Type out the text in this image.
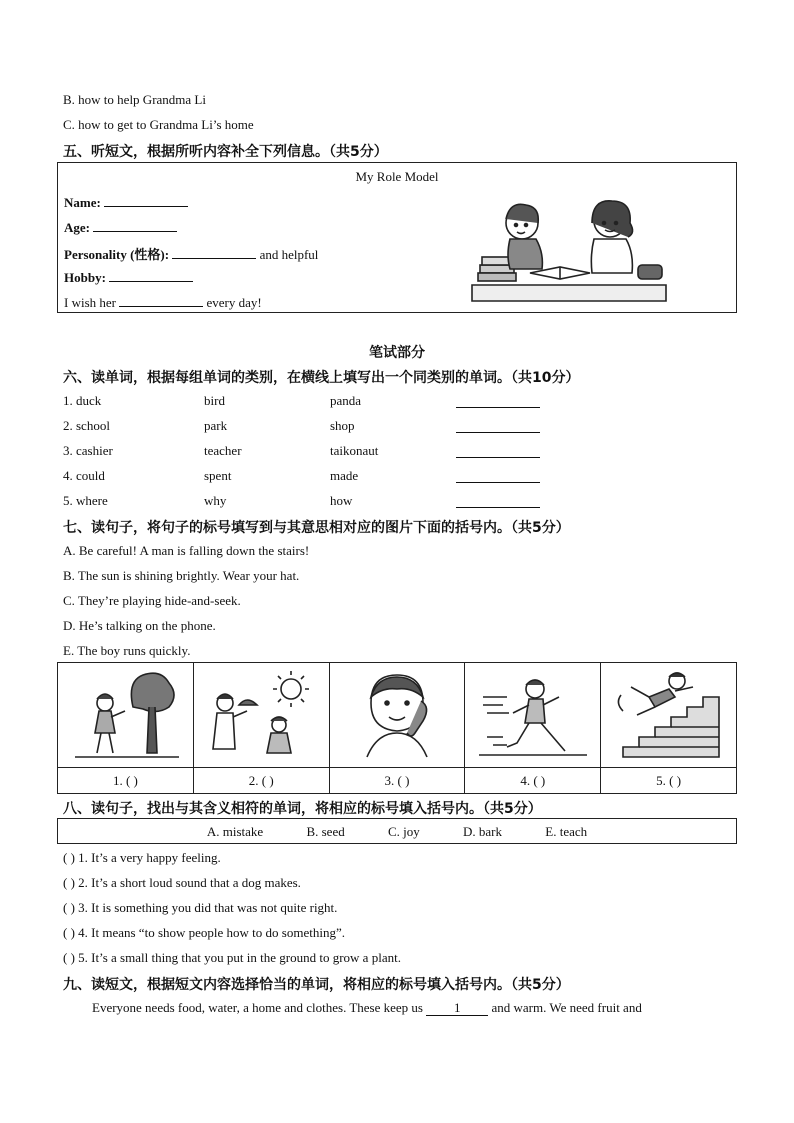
B. how to help Grandma Li
C. how to get to Grandma Li’s home
五、听短文，根据所听内容补全下列信息。（共5分）
My Role Model
Name:
Age:
Personality (性格):	and helpful
Hobby:
I wish her	every day!
笔试部分
六、读单词，根据每组单词的类别，在横线上填写出一个同类别的单词。（共10分）
1. duck	bird	panda
2. school	park	shop
3. cashier	teacher	taikonaut
4. could	spent	made
5. where	why	how
七、读句子，将句子的标号填写到与其意思相对应的图片下面的括号内。（共5分）
A. Be careful! A man is falling down the stairs!
B. The sun is shining brightly. Wear your hat.
C. They’re playing hide-and-seek.
D. He’s talking on the phone.
E. The boy runs quickly.

1. ( )	2. ( )	3. ( )	4. ( )	5. ( )
八、读句子，找出与其含义相符的单词，将相应的标号填入括号内。（共5分）
A. mistake	B. seed	C. joy	D. bark	E. teach
( ) 1. It’s a very happy feeling.
( ) 2. It’s a short loud sound that a dog makes.
( ) 3. It is something you did that was not quite right.
( ) 4. It means “to show people how to do something”.
( ) 5. It’s a small thing that you put in the ground to grow a plant.
九、读短文，根据短文内容选择恰当的单词，将相应的标号填入括号内。（共5分）
Everyone needs food, water, a home and clothes. These keep us 1 and warm. We need fruit and
